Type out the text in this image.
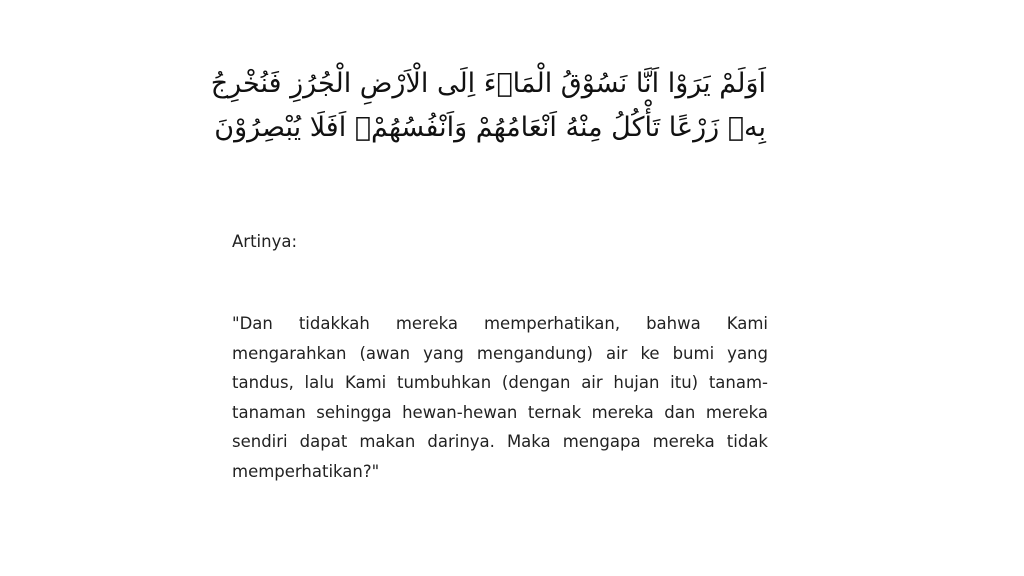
اَوَلَمْ يَرَوْا اَنَّا نَسُوْقُ الْمَاۤءَ اِلَى الْاَرْضِ الْجُرُزِ فَنُخْرِجُ
بِهٖ زَرْعًا تَأْكُلُ مِنْهُ اَنْعَامُهُمْ وَاَنْفُسُهُمْۗ اَفَلَا يُبْصِرُوْنَ
Artinya:
"Dan tidakkah mereka memperhatikan, bahwa Kami mengarahkan (awan yang mengandung) air ke bumi yang tandus, lalu Kami tumbuhkan (dengan air hujan itu) tanam-tanaman sehingga hewan-hewan ternak mereka dan mereka sendiri dapat makan darinya. Maka mengapa mereka tidak memperhatikan?"
